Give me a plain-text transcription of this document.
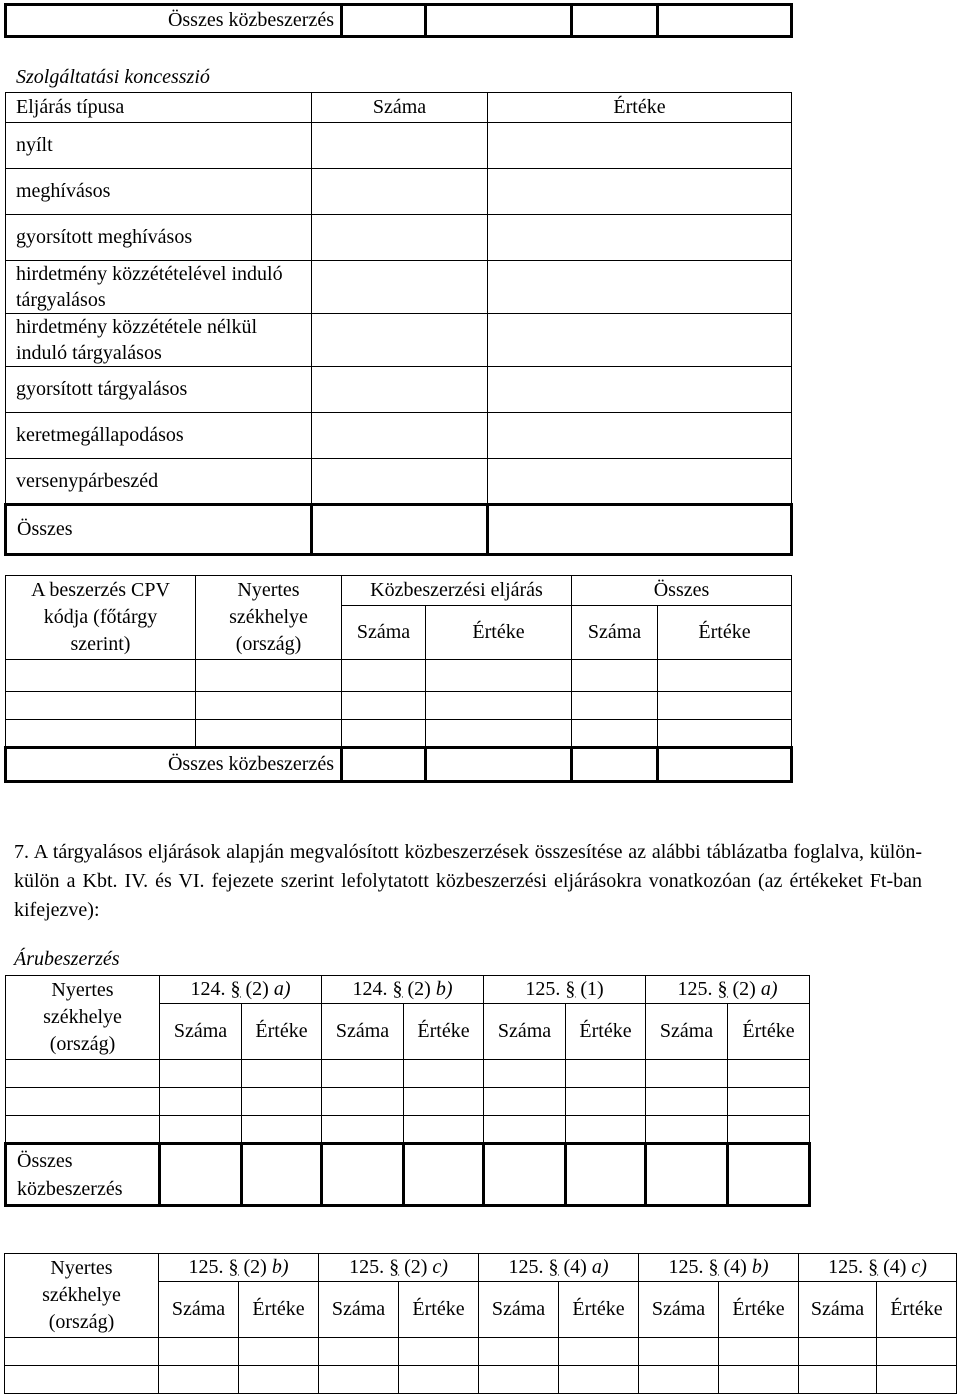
Összes közbeszerzés				
Szolgáltatási koncesszió
Eljárás típusa	Száma	Értéke
nyílt		
meghívásos		
gyorsított meghívásos		
hirdetmény közzétételével induló tárgyalásos		
hirdetmény közzététele nélkül induló tárgyalásos		
gyorsított tárgyalásos		
keretmegállapodásos		
versenypárbeszéd		
Összes		
A beszerzés CPV kódja (főtárgy szerint)	Nyertes székhelye (ország)	Közbeszerzési eljárás		Összes	
		Száma	Értéke	Száma	Értéke

Összes közbeszerzés					
7. A tárgyalásos eljárások alapján megvalósított közbeszerzések összesítése az alábbi táblázatba foglalva, külön-külön a Kbt. IV. és VI. fejezete szerint lefolytatott közbeszerzési eljárásokra vonatkozóan (az értékeket Ft-ban kifejezve):
Árubeszerzés
Nyertes székhelye (ország)	124. § (2) a)		124. § (2) b)		125. § (1)		125. § (2) a)	
	Száma	Értéke	Száma	Értéke	Száma	Értéke	Száma	Értéke

Összes közbeszerzés								
Nyertes székhelye (ország)	125. § (2) b)		125. § (2) c)		125. § (4) a)		125. § (4) b)		125. § (4) c)	
	Száma	Értéke	Száma	Értéke	Száma	Értéke	Száma	Értéke	Száma	Értéke
